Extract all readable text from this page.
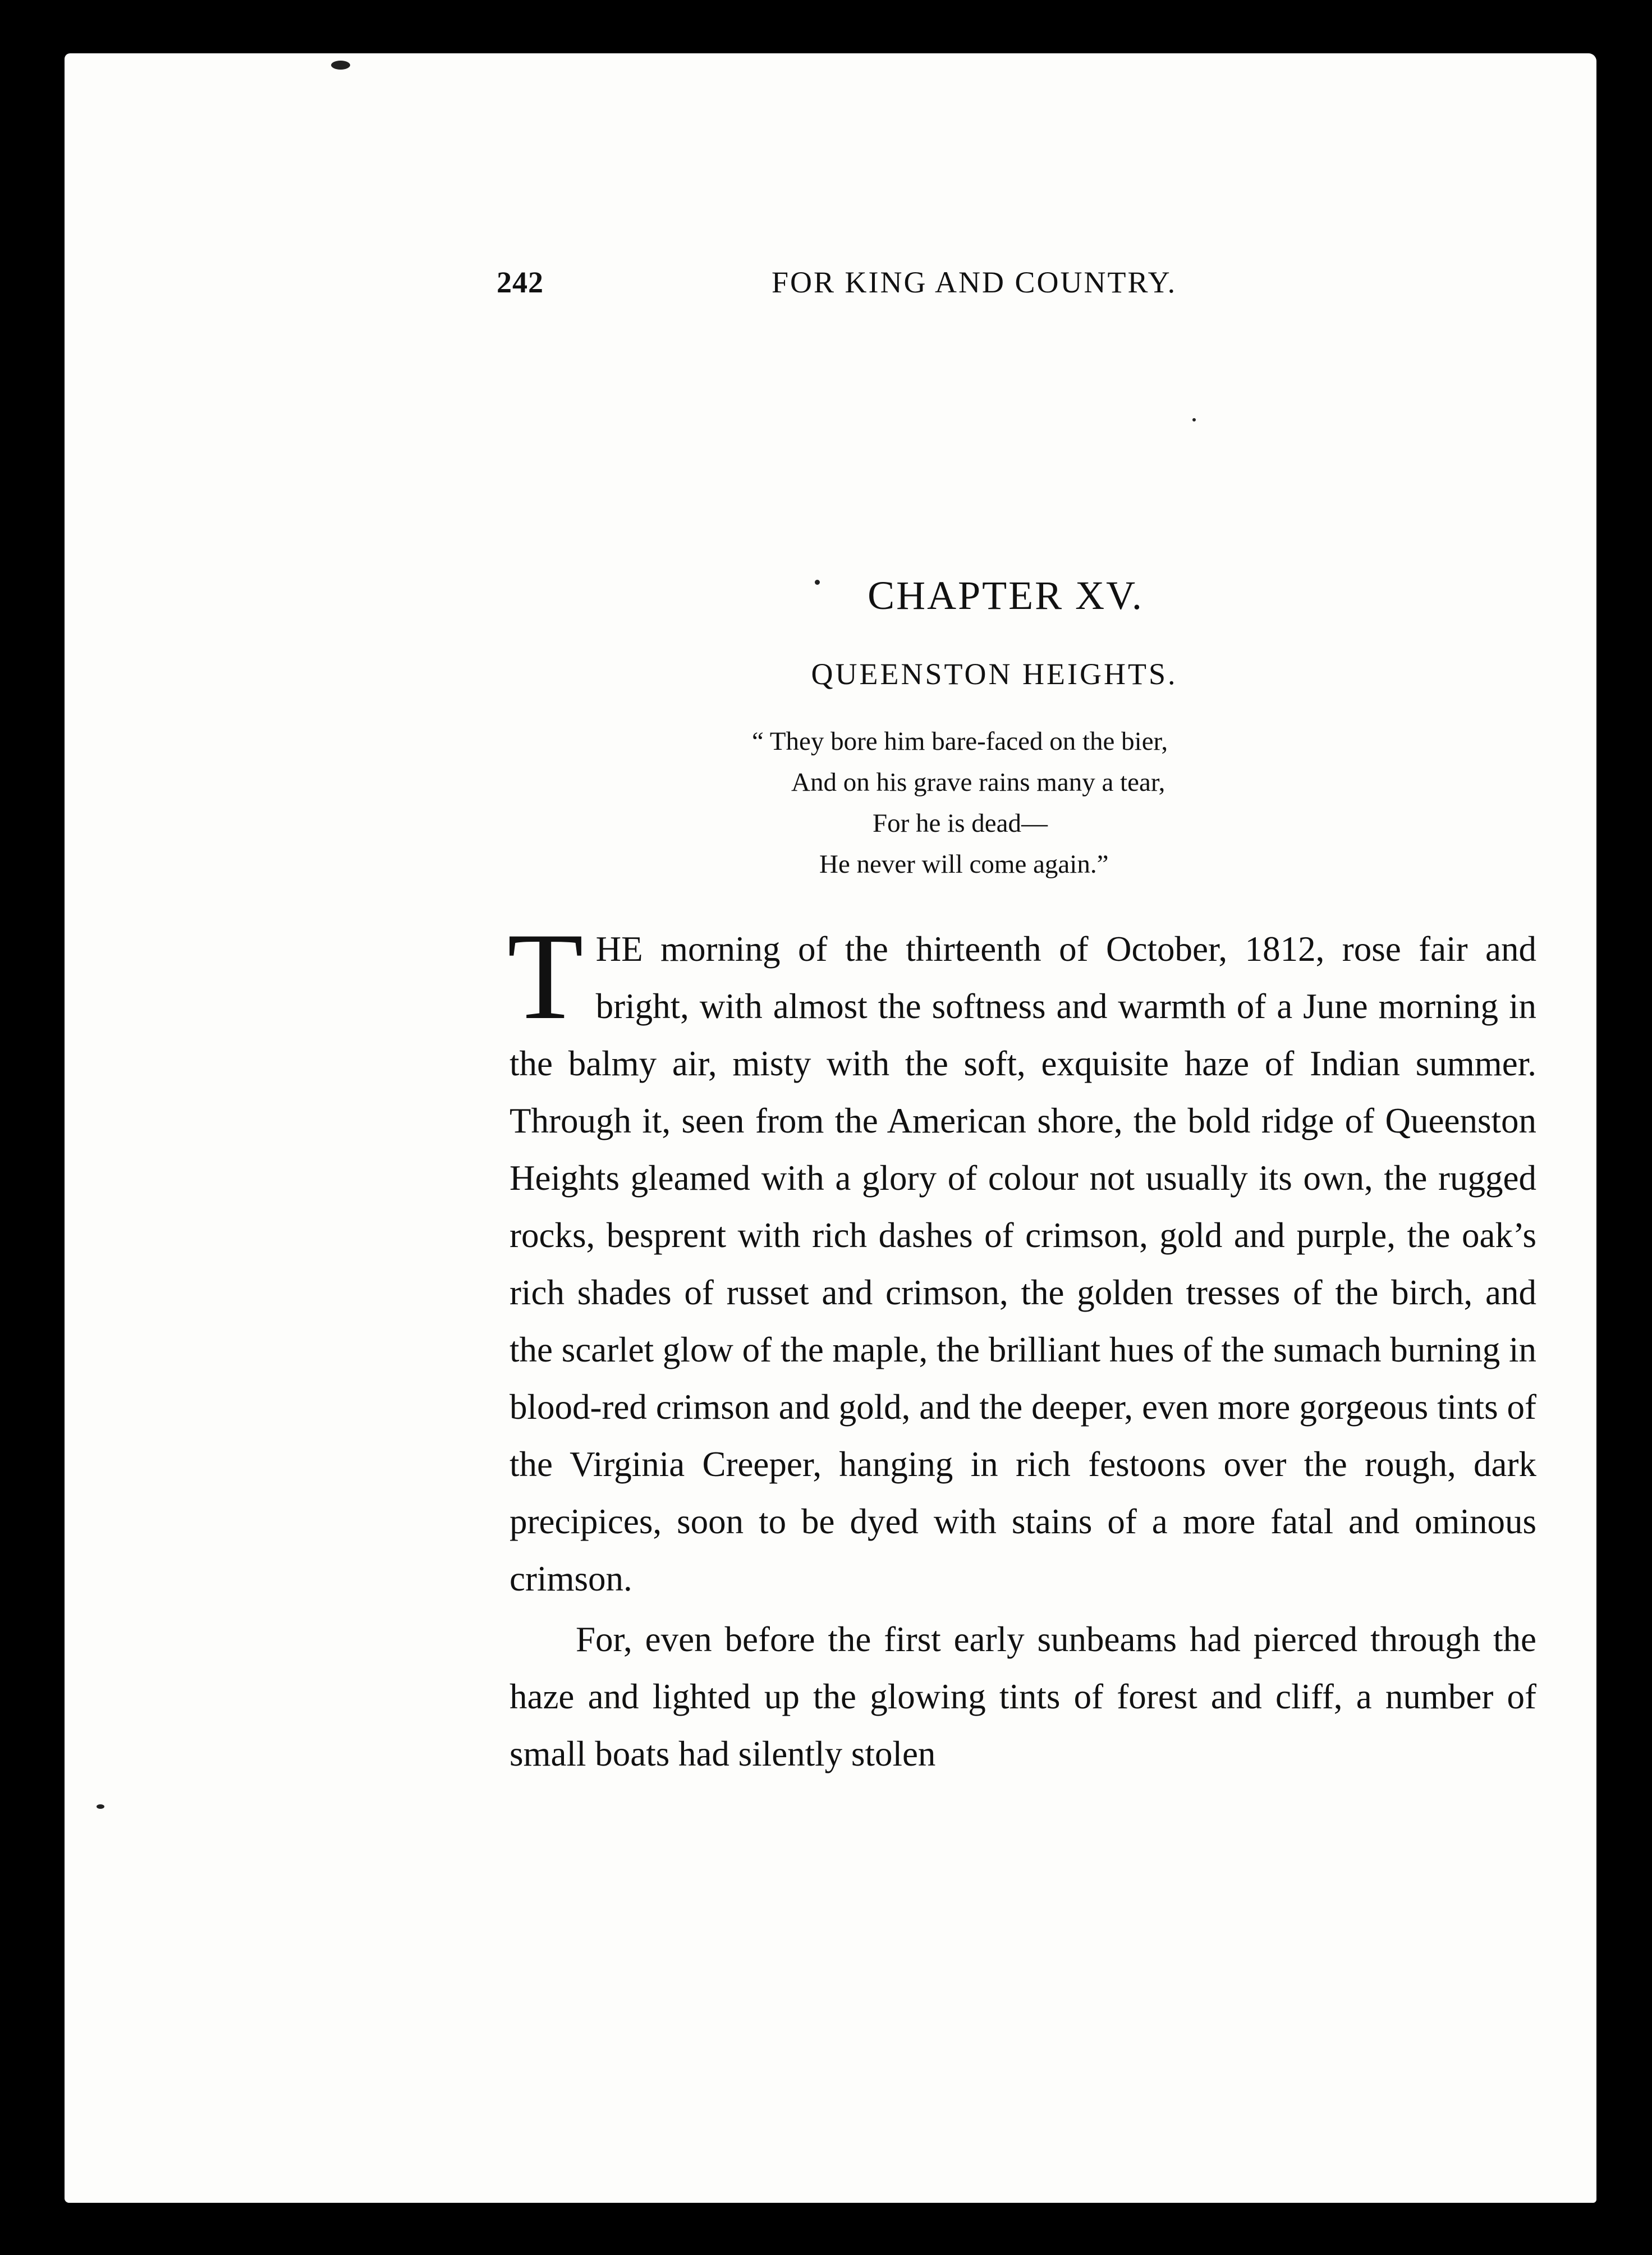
242	FOR KING AND COUNTRY.
CHAPTER XV.
QUEENSTON HEIGHTS.
“ They bore him bare-faced on the bier,
And on his grave rains many a tear,
For he is dead—
He never will come again.”

THE morning of the thirteenth of October, 1812, rose fair and bright, with almost the softness and warmth of a June morning in the balmy air, misty with the soft, exquisite haze of Indian summer. Through it, seen from the American shore, the bold ridge of Queenston Heights gleamed with a glory of colour not usually its own, the rugged rocks, besprent with rich dashes of crimson, gold and purple, the oak’s rich shades of russet and crimson, the golden tresses of the birch, and the scarlet glow of the maple, the brilliant hues of the sumach burning in blood-red crimson and gold, and the deeper, even more gorgeous tints of the Virginia Creeper, hanging in rich festoons over the rough, dark precipices, soon to be dyed with stains of a more fatal and ominous crimson.

For, even before the first early sunbeams had pierced through the haze and lighted up the glowing tints of forest and cliff, a number of small boats had silently stolen
